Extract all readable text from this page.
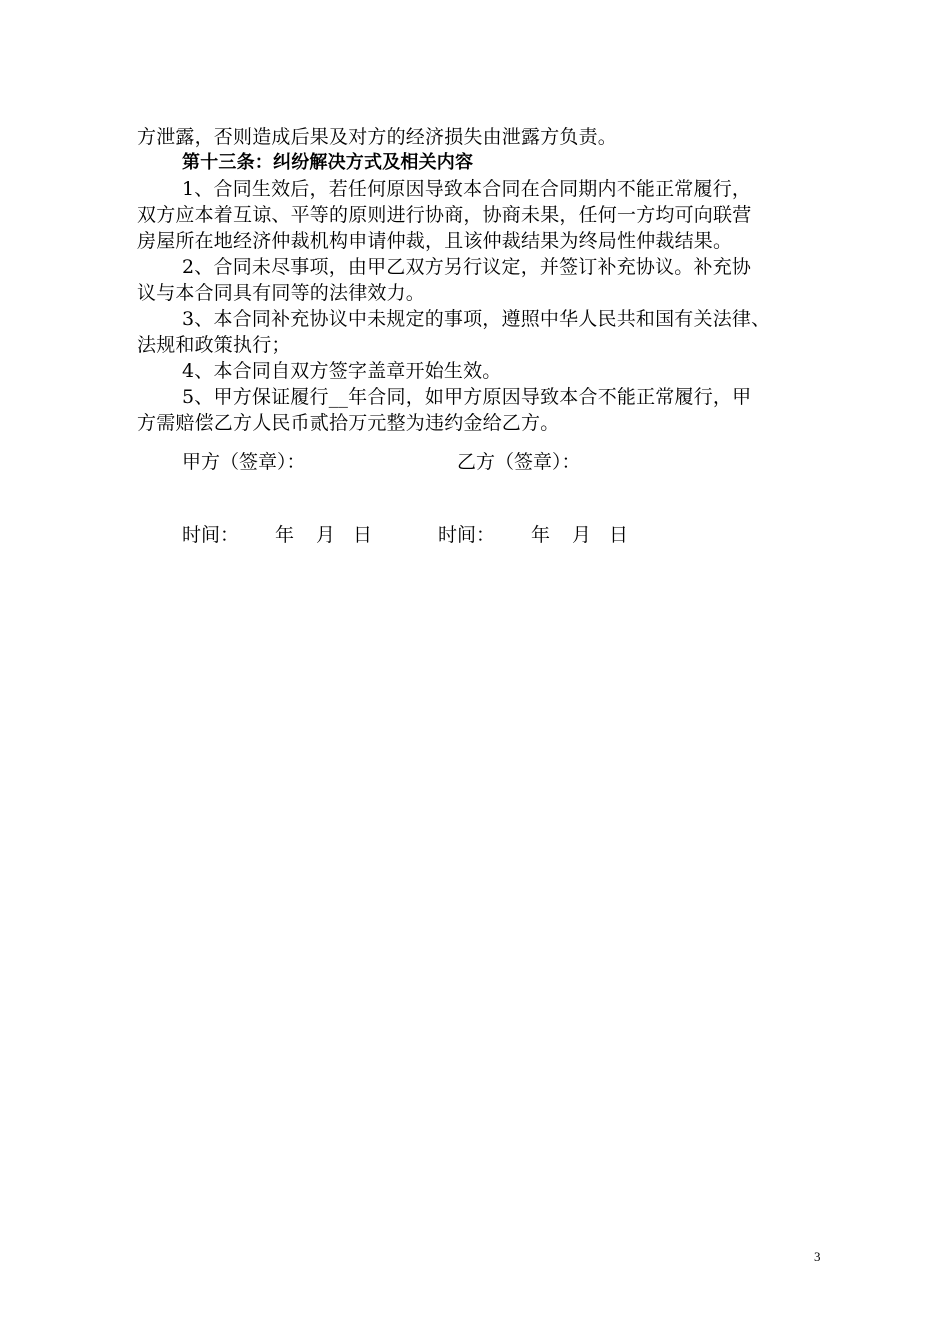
方泄露，否则造成后果及对方的经济损失由泄露方负责。
第十三条：纠纷解决方式及相关内容
1、合同生效后，若任何原因导致本合同在合同期内不能正常履行，
双方应本着互谅、平等的原则进行协商，协商未果，任何一方均可向联营
房屋所在地经济仲裁机构申请仲裁，且该仲裁结果为终局性仲裁结果。
2、合同未尽事项，由甲乙双方另行议定，并签订补充协议。补充协
议与本合同具有同等的法律效力。
3、本合同补充协议中未规定的事项，遵照中华人民共和国有关法律、
法规和政策执行；
4、本合同自双方签字盖章开始生效。
5、甲方保证履行__年合同，如甲方原因导致本合不能正常履行，甲
方需赔偿乙方人民币贰拾万元整为违约金给乙方。
甲方（签章）：	乙方（签章）：
时间： 年 月 日	时间： 年 月 日
3
